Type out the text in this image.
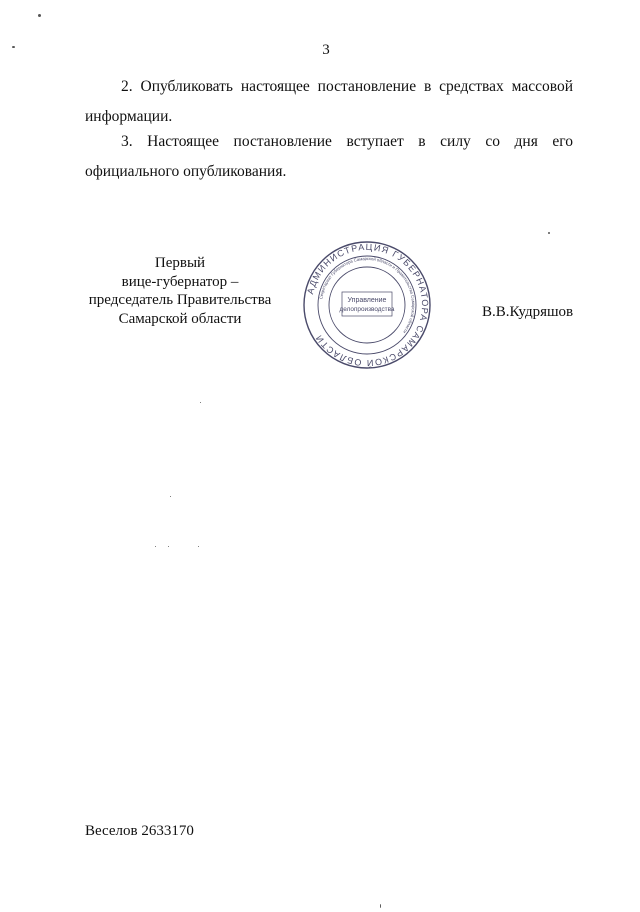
3
2. Опубликовать настоящее постановление в средствах массовой
информации.
3. Настоящее постановление вступает в силу со дня его
официального опубликования.
Первый
вице-губернатор –
председатель Правительства
Самарской области
АДМИНИСТРАЦИЯ ГУБЕРНАТОРА САМАРСКОЙ ОБЛАСТИ
Секретариат Губернатора Самарской области и Правительства Самарской области
Управление
делопроизводства	В.В.Кудряшов
Веселов 2633170
